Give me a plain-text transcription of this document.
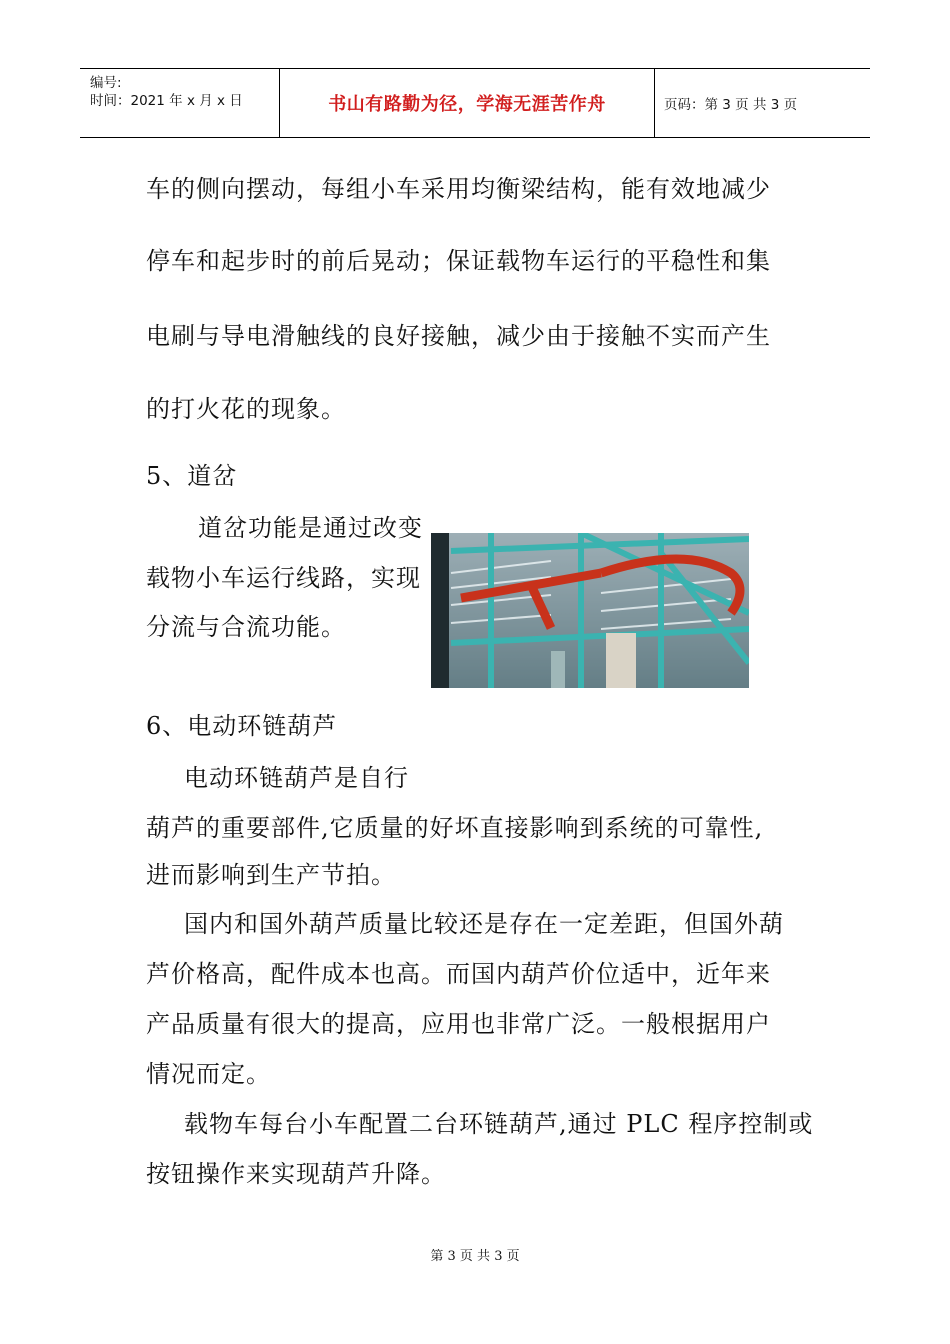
编号:
时间：2021 年 x 月 x 日	书山有路勤为径，学海无涯苦作舟	页码：第 3 页 共 3 页
车的侧向摆动，每组小车采用均衡梁结构，能有效地减少
停车和起步时的前后晃动；保证载物车运行的平稳性和集
电刷与导电滑触线的良好接触，减少由于接触不实而产生
的打火花的现象。
5、道岔
道岔功能是通过改变
载物小车运行线路，实现
分流与合流功能。
6、电动环链葫芦
电动环链葫芦是自行
葫芦的重要部件,它质量的好坏直接影响到系统的可靠性,
进而影响到生产节拍。
国内和国外葫芦质量比较还是存在一定差距，但国外葫
芦价格高，配件成本也高。而国内葫芦价位适中，近年来
产品质量有很大的提高，应用也非常广泛。一般根据用户
情况而定。
载物车每台小车配置二台环链葫芦,通过 PLC 程序控制或
按钮操作来实现葫芦升降。
第 3 页 共 3 页
